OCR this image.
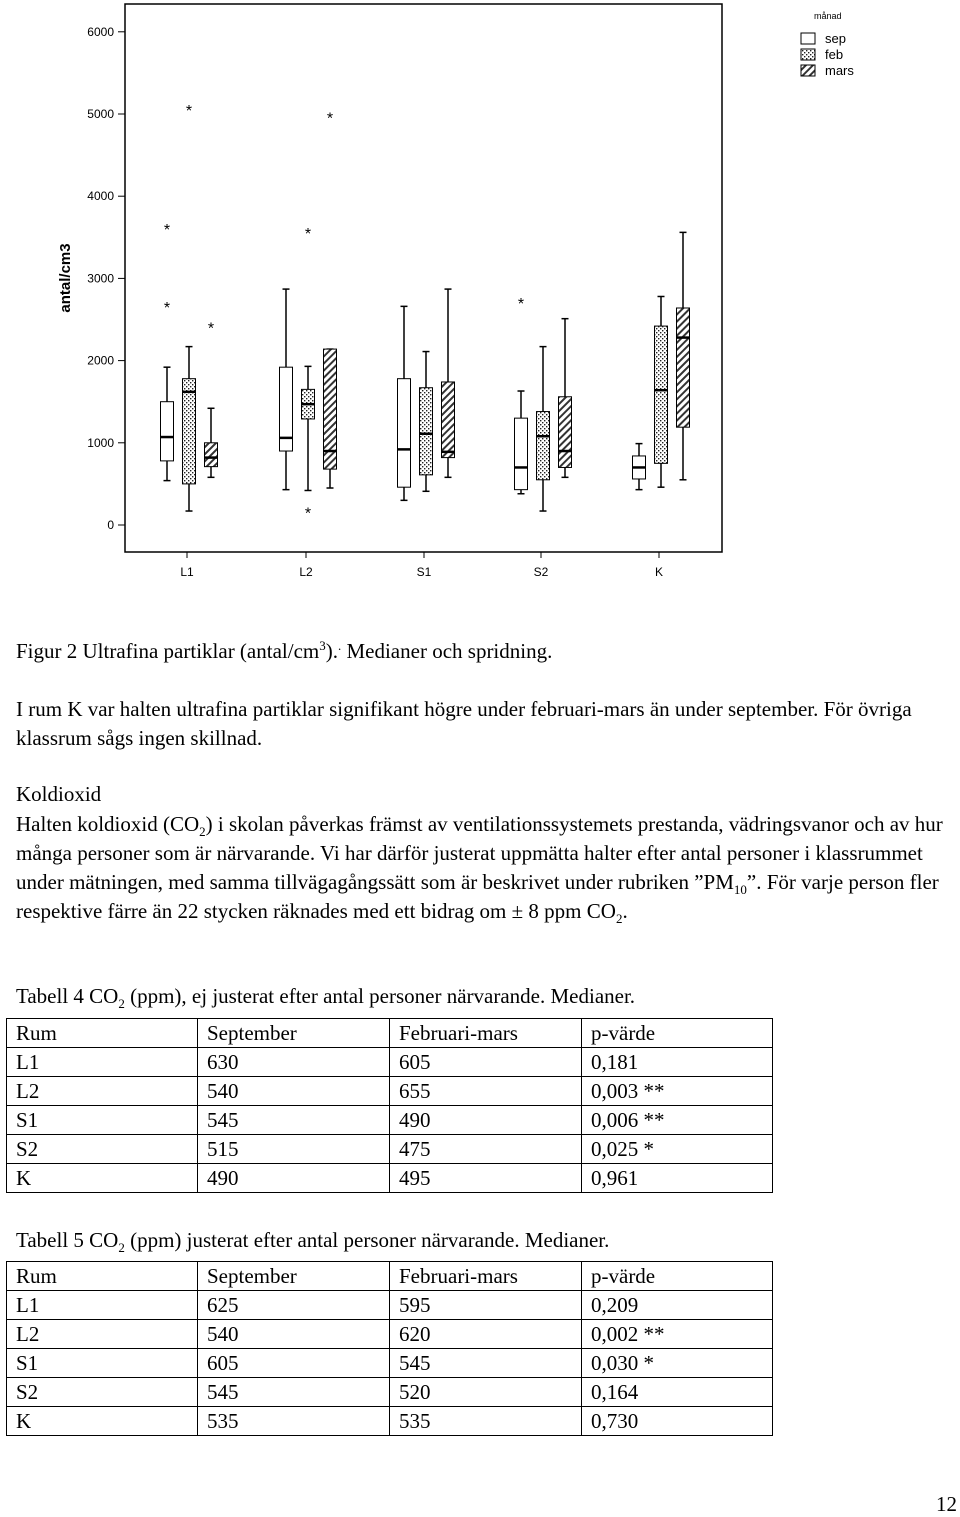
0
1000
2000
3000
4000
5000
6000
L1	L2	S1	S2	K
*
*	*
*
*
*
*
*
antal/cm3
månad
sep
feb
mars

Figur 2 Ultrafina partiklar $(antal/cm^3).^.$ Medianer och spridning.

I rum K var halten ultrafina partiklar signifikant högre under februari-mars än under september. För övriga klassrum sågs ingen skillnad.

Koldioxid

Halten koldioxid $(CO_2)$ i skolan påverkas främst av ventilationssystemets prestanda, vädringsvanor och av hur många personer som är närvarande. Vi har därför justerat uppmätta halter efter antal personer i klassrummet under mätningen, med samma tillvägagångssätt som är beskrivet under rubriken $”PM_{10}$”. För varje person fler respektive färre än 22 stycken räknades med ett bidrag om ± 8 ppm $CO_2$.

Tabell 4 $CO_2$ (ppm), ej justerat efter antal personer närvarande. Medianer.

Rum	September	Februari-mars	p-värde
L1	630	605	0,181
L2	540	655	0,003 **
S1	545	490	0,006 **
S2	515	475	0,025 *
K	490	495	0,961

Tabell 5 $CO_2$ (ppm) justerat efter antal personer närvarande. Medianer.

Rum	September	Februari-mars	p-värde
L1	625	595	0,209
L2	540	620	0,002 **
S1	605	545	0,030 *
S2	545	520	0,164
K	535	535	0,730
12
